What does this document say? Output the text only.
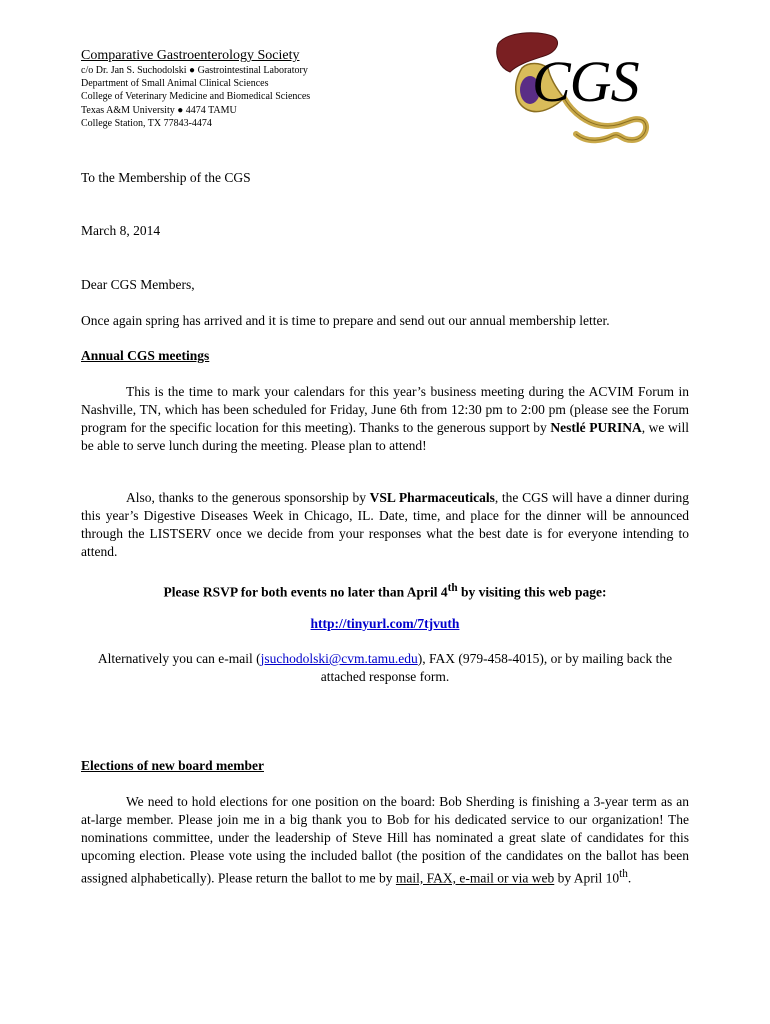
Comparative Gastroenterology Society

c/o Dr. Jan S. Suchodolski ● Gastrointestinal Laboratory

Department of Small Animal Clinical Sciences

College of Veterinary Medicine and Biomedical Sciences

Texas A&M University ● 4474 TAMU

College Station, TX 77843-4474

CGS

To the Membership of the CGS

March 8, 2014

Dear CGS Members,

Once again spring has arrived and it is time to prepare and send out our annual membership letter.

Annual CGS meetings

This is the time to mark your calendars for this year’s business meeting during the ACVIM Forum in Nashville, TN, which has been scheduled for Friday, June 6th from 12:30 pm to 2:00 pm (please see the Forum program for the specific location for this meeting). Thanks to the generous support by Nestlé PURINA, we will be able to serve lunch during the meeting. Please plan to attend!

Also, thanks to the generous sponsorship by VSL Pharmaceuticals, the CGS will have a dinner during this year’s Digestive Diseases Week in Chicago, IL. Date, time, and place for the dinner will be announced through the LISTSERV once we decide from your responses what the best date is for everyone intending to attend.

Please RSVP for both events no later than April 4th by visiting this web page:

http://tinyurl.com/7tjvuth

Alternatively you can e-mail (jsuchodolski@cvm.tamu.edu), FAX (979-458-4015), or by mailing back the attached response form.

Elections of new board member

We need to hold elections for one position on the board: Bob Sherding is finishing a 3-year term as an at-large member. Please join me in a big thank you to Bob for his dedicated service to our organization! The nominations committee, under the leadership of Steve Hill has nominated a great slate of candidates for this upcoming election. Please vote using the included ballot (the position of the candidates on the ballot has been assigned alphabetically). Please return the ballot to me by mail, FAX, e-mail or via web by April 10th.
